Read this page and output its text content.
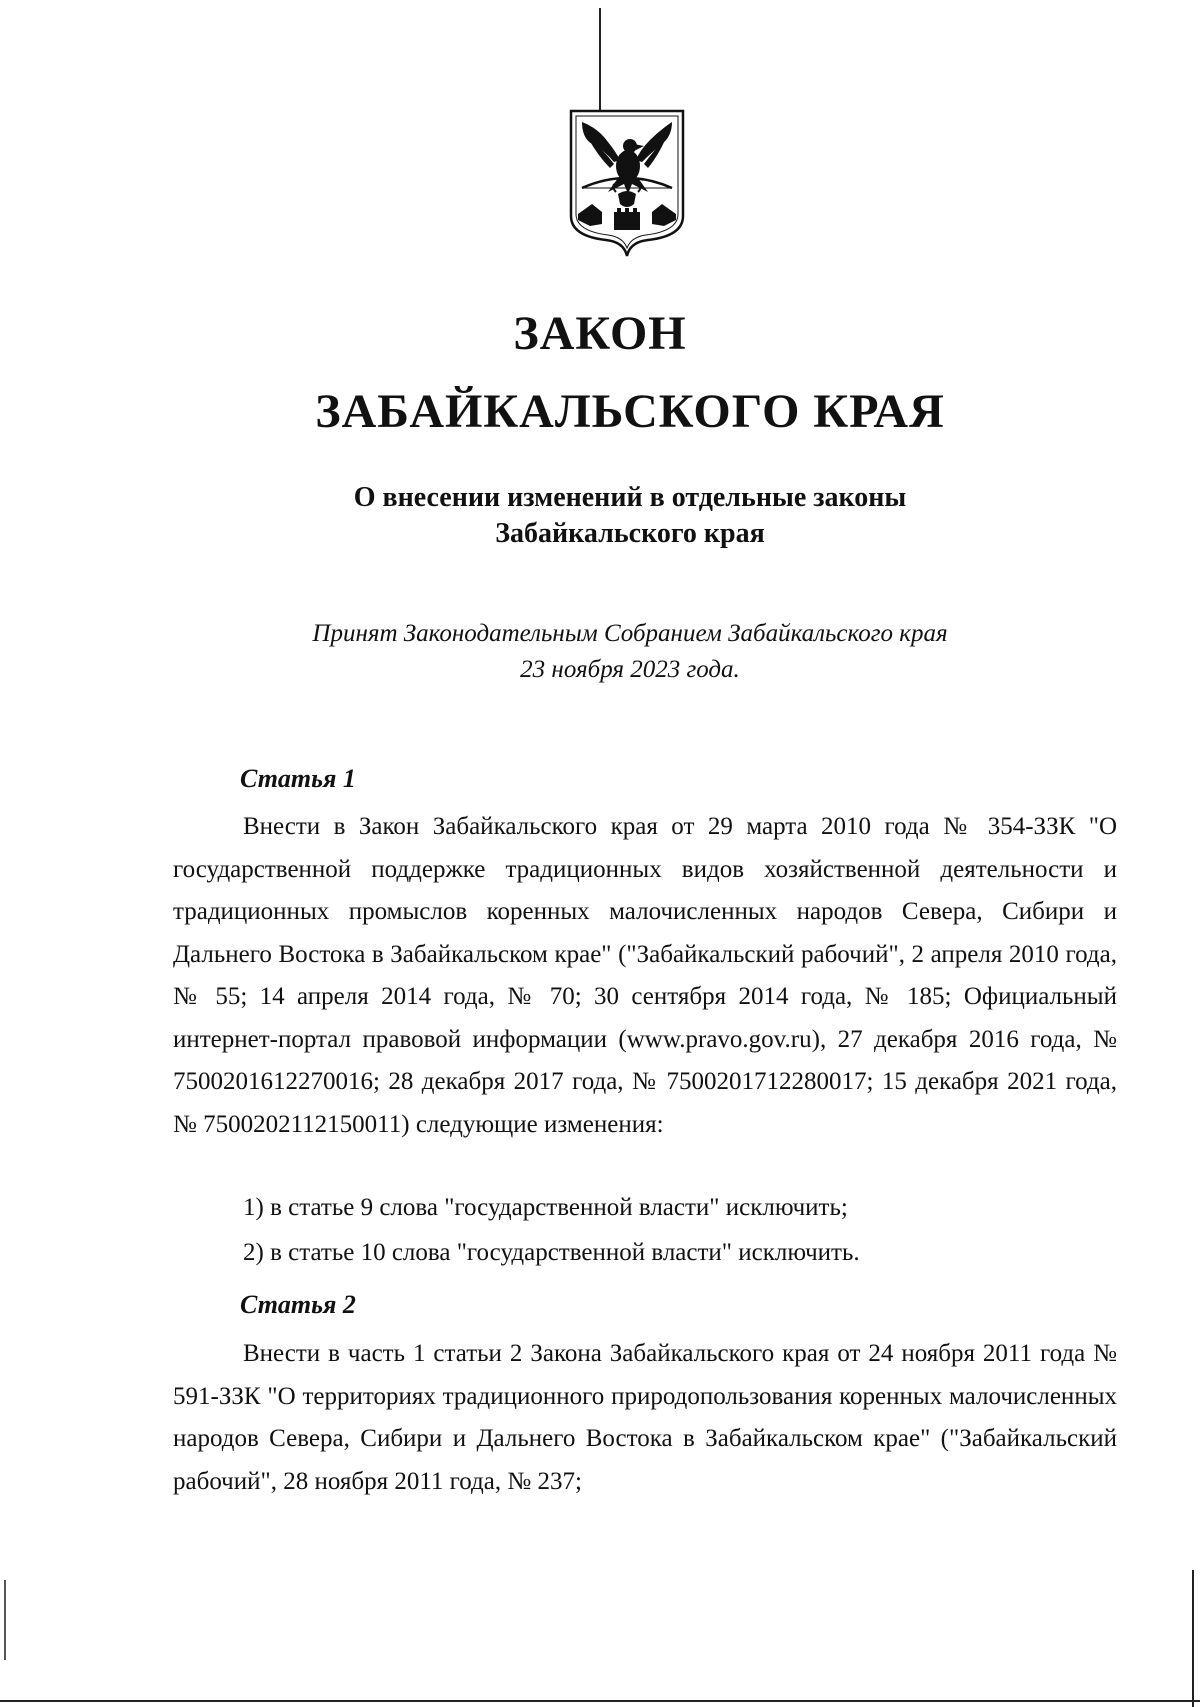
ЗАКОН
ЗАБАЙКАЛЬСКОГО КРАЯ
О внесении изменений в отдельные законы
Забайкальского края
Принят Законодательным Собранием Забайкальского края
23 ноября 2023 года.
Статья 1

Внести в Закон Забайкальского края от 29 марта 2010 года № 354-ЗЗК "О государственной поддержке традиционных видов хозяйственной деятельности и традиционных промыслов коренных малочисленных народов Севера, Сибири и Дальнего Востока в Забайкальском крае" ("Забайкальский рабочий", 2 апреля 2010 года, № 55; 14 апреля 2014 года, № 70; 30 сентября 2014 года, № 185; Официальный интернет-портал правовой информации (www.pravo.gov.ru), 27 декабря 2016 года, № 7500201612270016; 28 декабря 2017 года, № 7500201712280017; 15 декабря 2021 года, № 7500202112150011) следующие изменения:

1) в статье 9 слова "государственной власти" исключить;
2) в статье 10 слова "государственной власти" исключить.
Статья 2

Внести в часть 1 статьи 2 Закона Забайкальского края от 24 ноября 2011 года № 591-ЗЗК "О территориях традиционного природопользования коренных малочисленных народов Севера, Сибири и Дальнего Востока в Забайкальском крае" ("Забайкальский рабочий", 28 ноября 2011 года, № 237;
